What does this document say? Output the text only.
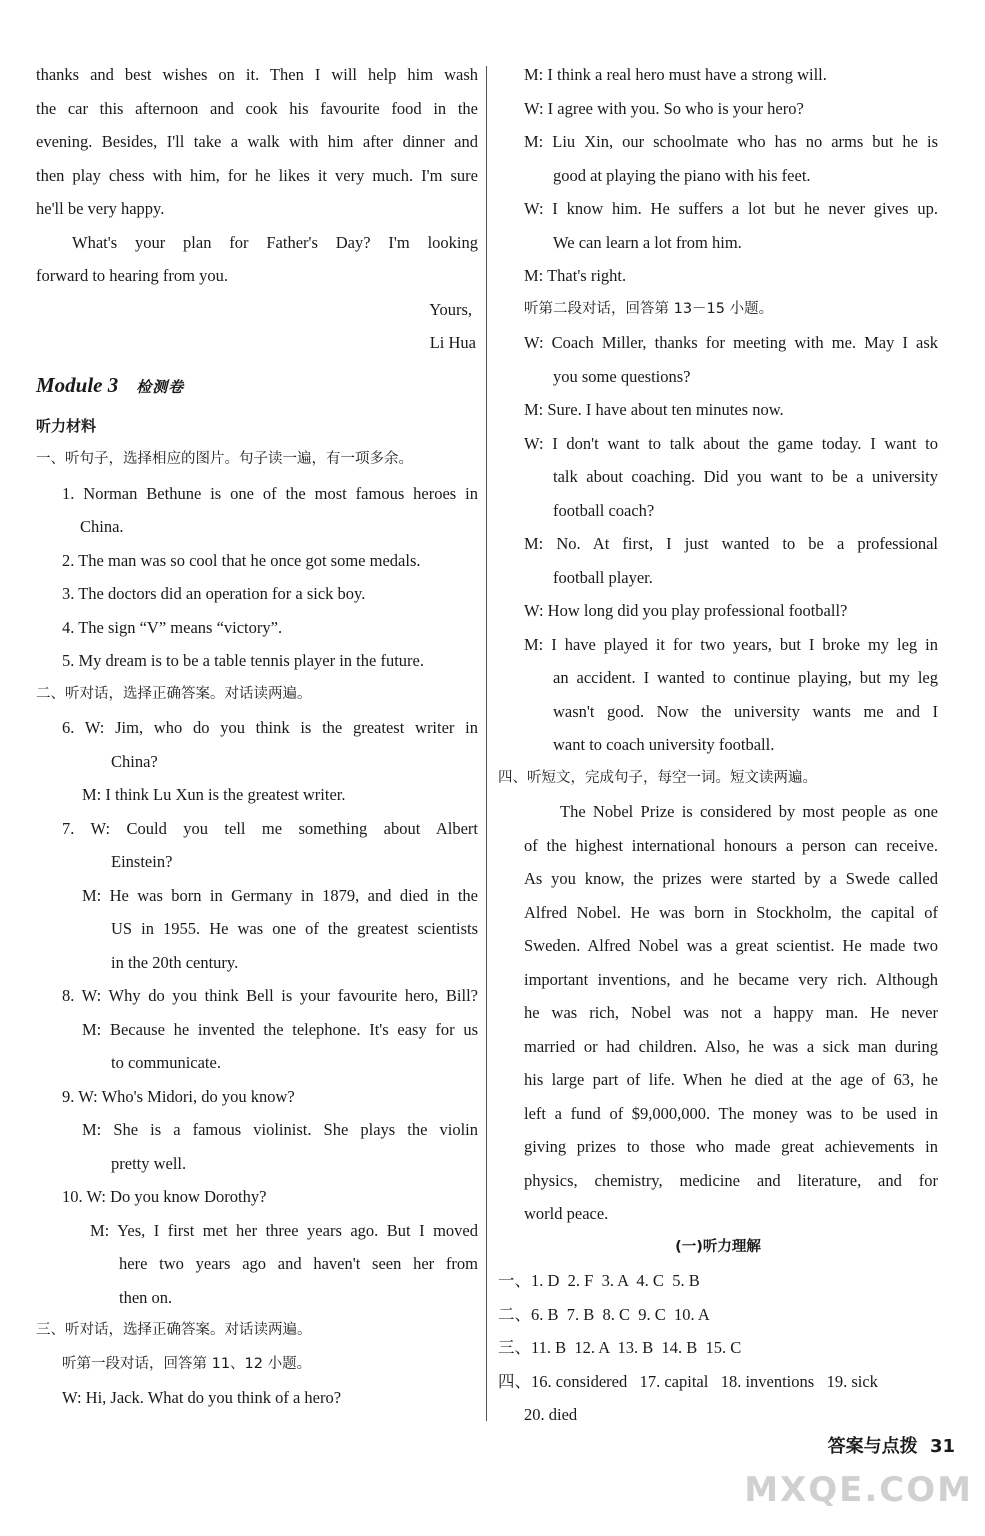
thanks and best wishes on it. Then I will help him wash
the car this afternoon and cook his favourite food in the
evening. Besides, I'll take a walk with him after dinner and
then play chess with him, for he likes it very much. I'm sure
he'll be very happy.
What's your plan for Father's Day? I'm looking
forward to hearing from you.
Yours,
Li Hua
Module 3 检测卷
听力材料
一、听句子，选择相应的图片。句子读一遍，有一项多余。
1. Norman Bethune is one of the most famous heroes in
China.
2. The man was so cool that he once got some medals.
3. The doctors did an operation for a sick boy.
4. The sign “V” means “victory”.
5. My dream is to be a table tennis player in the future.
二、听对话，选择正确答案。对话读两遍。
6. W: Jim, who do you think is the greatest writer in
China?
M: I think Lu Xun is the greatest writer.
7. W: Could you tell me something about Albert
Einstein?
M: He was born in Germany in 1879, and died in the
US in 1955. He was one of the greatest scientists
in the 20th century.
8. W: Why do you think Bell is your favourite hero, Bill?
M: Because he invented the telephone. It's easy for us
to communicate.
9. W: Who's Midori, do you know?
M: She is a famous violinist. She plays the violin
pretty well.
10. W: Do you know Dorothy?
M: Yes, I first met her three years ago. But I moved
here two years ago and haven't seen her from
then on.
三、听对话，选择正确答案。对话读两遍。
听第一段对话，回答第 11、12 小题。
W: Hi, Jack. What do you think of a hero?
M: I think a real hero must have a strong will.
W: I agree with you. So who is your hero?
M: Liu Xin, our schoolmate who has no arms but he is
good at playing the piano with his feet.
W: I know him. He suffers a lot but he never gives up.
We can learn a lot from him.
M: That's right.
听第二段对话，回答第 13－15 小题。
W: Coach Miller, thanks for meeting with me. May I ask
you some questions?
M: Sure. I have about ten minutes now.
W: I don't want to talk about the game today. I want to
talk about coaching. Did you want to be a university
football coach?
M: No. At first, I just wanted to be a professional
football player.
W: How long did you play professional football?
M: I have played it for two years, but I broke my leg in
an accident. I wanted to continue playing, but my leg
wasn't good. Now the university wants me and I
want to coach university football.
四、听短文，完成句子，每空一词。短文读两遍。
The Nobel Prize is considered by most people as one
of the highest international honours a person can receive.
As you know, the prizes were started by a Swede called
Alfred Nobel. He was born in Stockholm, the capital of
Sweden. Alfred Nobel was a great scientist. He made two
important inventions, and he became very rich. Although
he was rich, Nobel was not a happy man. He never
married or had children. Also, he was a sick man during
his large part of life. When he died at the age of 63, he
left a fund of $9,000,000. The money was to be used in
giving prizes to those who made great achievements in
physics, chemistry, medicine and literature, and for
world peace.
(一)听力理解
一、1. D  2. F  3. A  4. C  5. B
二、6. B  7. B  8. C  9. C  10. A
三、11. B  12. A  13. B  14. B  15. C
四、16. considered   17. capital   18. inventions   19. sick
20. died
答案与点拨 31
MXQE.COM
